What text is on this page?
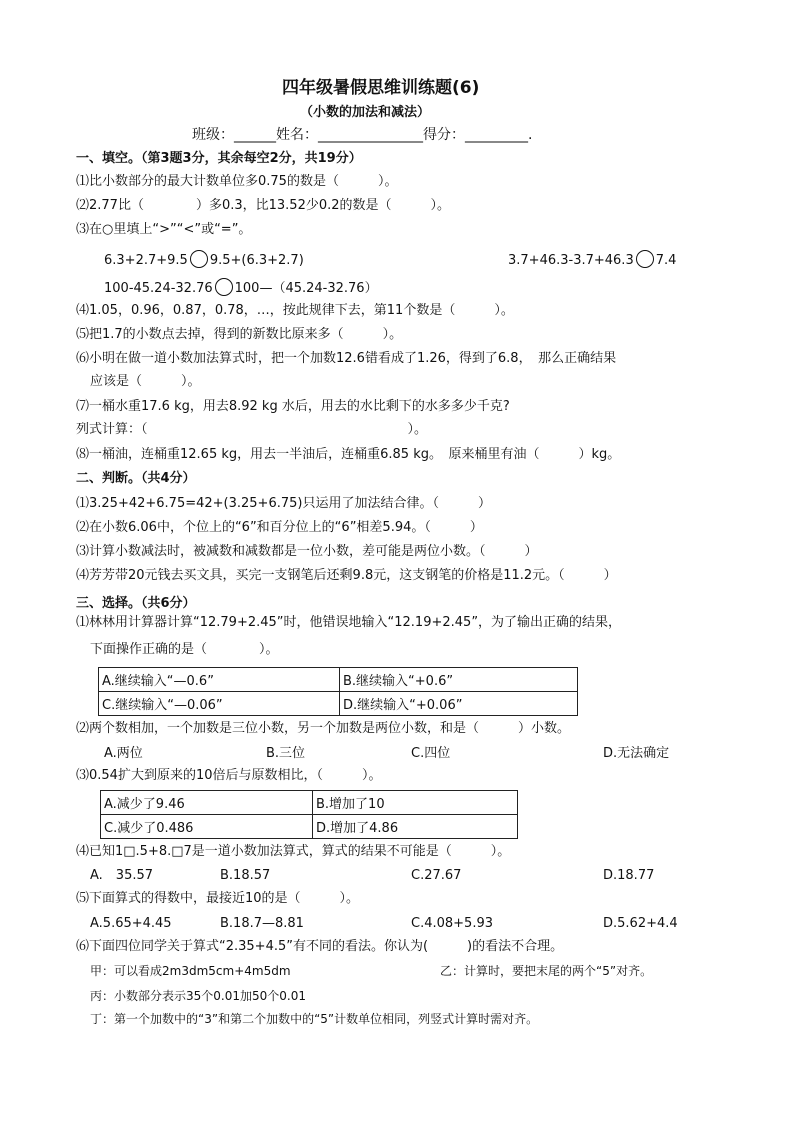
四年级暑假思维训练题(6)
（小数的加法和减法）
班级：______姓名：_______________得分：_________.
一、填空。（第3题3分，其余每空2分，共19分）
⑴比小数部分的最大计数单位多0.75的数是（　　　）。
⑵2.77比（　　　　）多0.3，比13.52少0.2的数是（　　　）。
⑶在○里填上“>”“<”或“=”。
6.3+2.7+9.5 9.5+(6.3+2.7)	3.7+46.3-3.7+46.3 7.4
100-45.24-32.76 100—（45.24-32.76）
⑷1.05，0.96，0.87，0.78，…，按此规律下去，第11个数是（　　　）。
⑸把1.7的小数点去掉，得到的新数比原来多（　　　）。
⑹小明在做一道小数加法算式时，把一个加数12.6错看成了1.26，得到了6.8，　那么正确结果
应该是（　　　）。
⑺一桶水重17.6 kg，用去8.92 kg 水后，用去的水比剩下的水多多少千克?
列式计算：（　　　　　　　　　　　　　　　　　　　　）。
⑻一桶油，连桶重12.65 kg，用去一半油后，连桶重6.85 kg。　原来桶里有油（　　　）kg。
二、判断。（共4分）
⑴3.25+42+6.75=42+(3.25+6.75)只运用了加法结合律。（　　　）
⑵在小数6.06中，个位上的“6”和百分位上的“6”相差5.94。（　　　）
⑶计算小数减法时，被减数和减数都是一位小数，差可能是两位小数。（　　　）
⑷芳芳带20元钱去买文具，买完一支钢笔后还剩9.8元，这支钢笔的价格是11.2元。（　　　）
三、选择。（共6分）
⑴林林用计算器计算“12.79+2.45”时，他错误地输入“12.19+2.45”，为了输出正确的结果，
下面操作正确的是（　　　　）。
A.继续输入“—0.6”	B.继续输入“+0.6”
C.继续输入“—0.06”	D.继续输入“+0.06”
⑵两个数相加，一个加数是三位小数，另一个加数是两位小数，和是（　　　）小数。
A.两位	B.三位	C.四位	D.无法确定
⑶0.54扩大到原来的10倍后与原数相比，（　　　）。
A.减少了9.46	B.增加了10
C.减少了0.486	D.增加了4.86
⑷已知1□.5+8.□7是一道小数加法算式，算式的结果不可能是（　　　）。
A.　35.57	B.18.57	C.27.67	D.18.77
⑸下面算式的得数中，最接近10的是（　　　）。
A.5.65+4.45	B.18.7—8.81	C.4.08+5.93	D.5.62+4.4
⑹下面四位同学关于算式“2.35+4.5”有不同的看法。你认为(　　　)的看法不合理。
甲：可以看成2m3dm5cm+4m5dm	乙：计算时，要把末尾的两个“5”对齐。
丙：小数部分表示35个0.01加50个0.01
丁：第一个加数中的“3”和第二个加数中的“5”计数单位相同，列竖式计算时需对齐。
